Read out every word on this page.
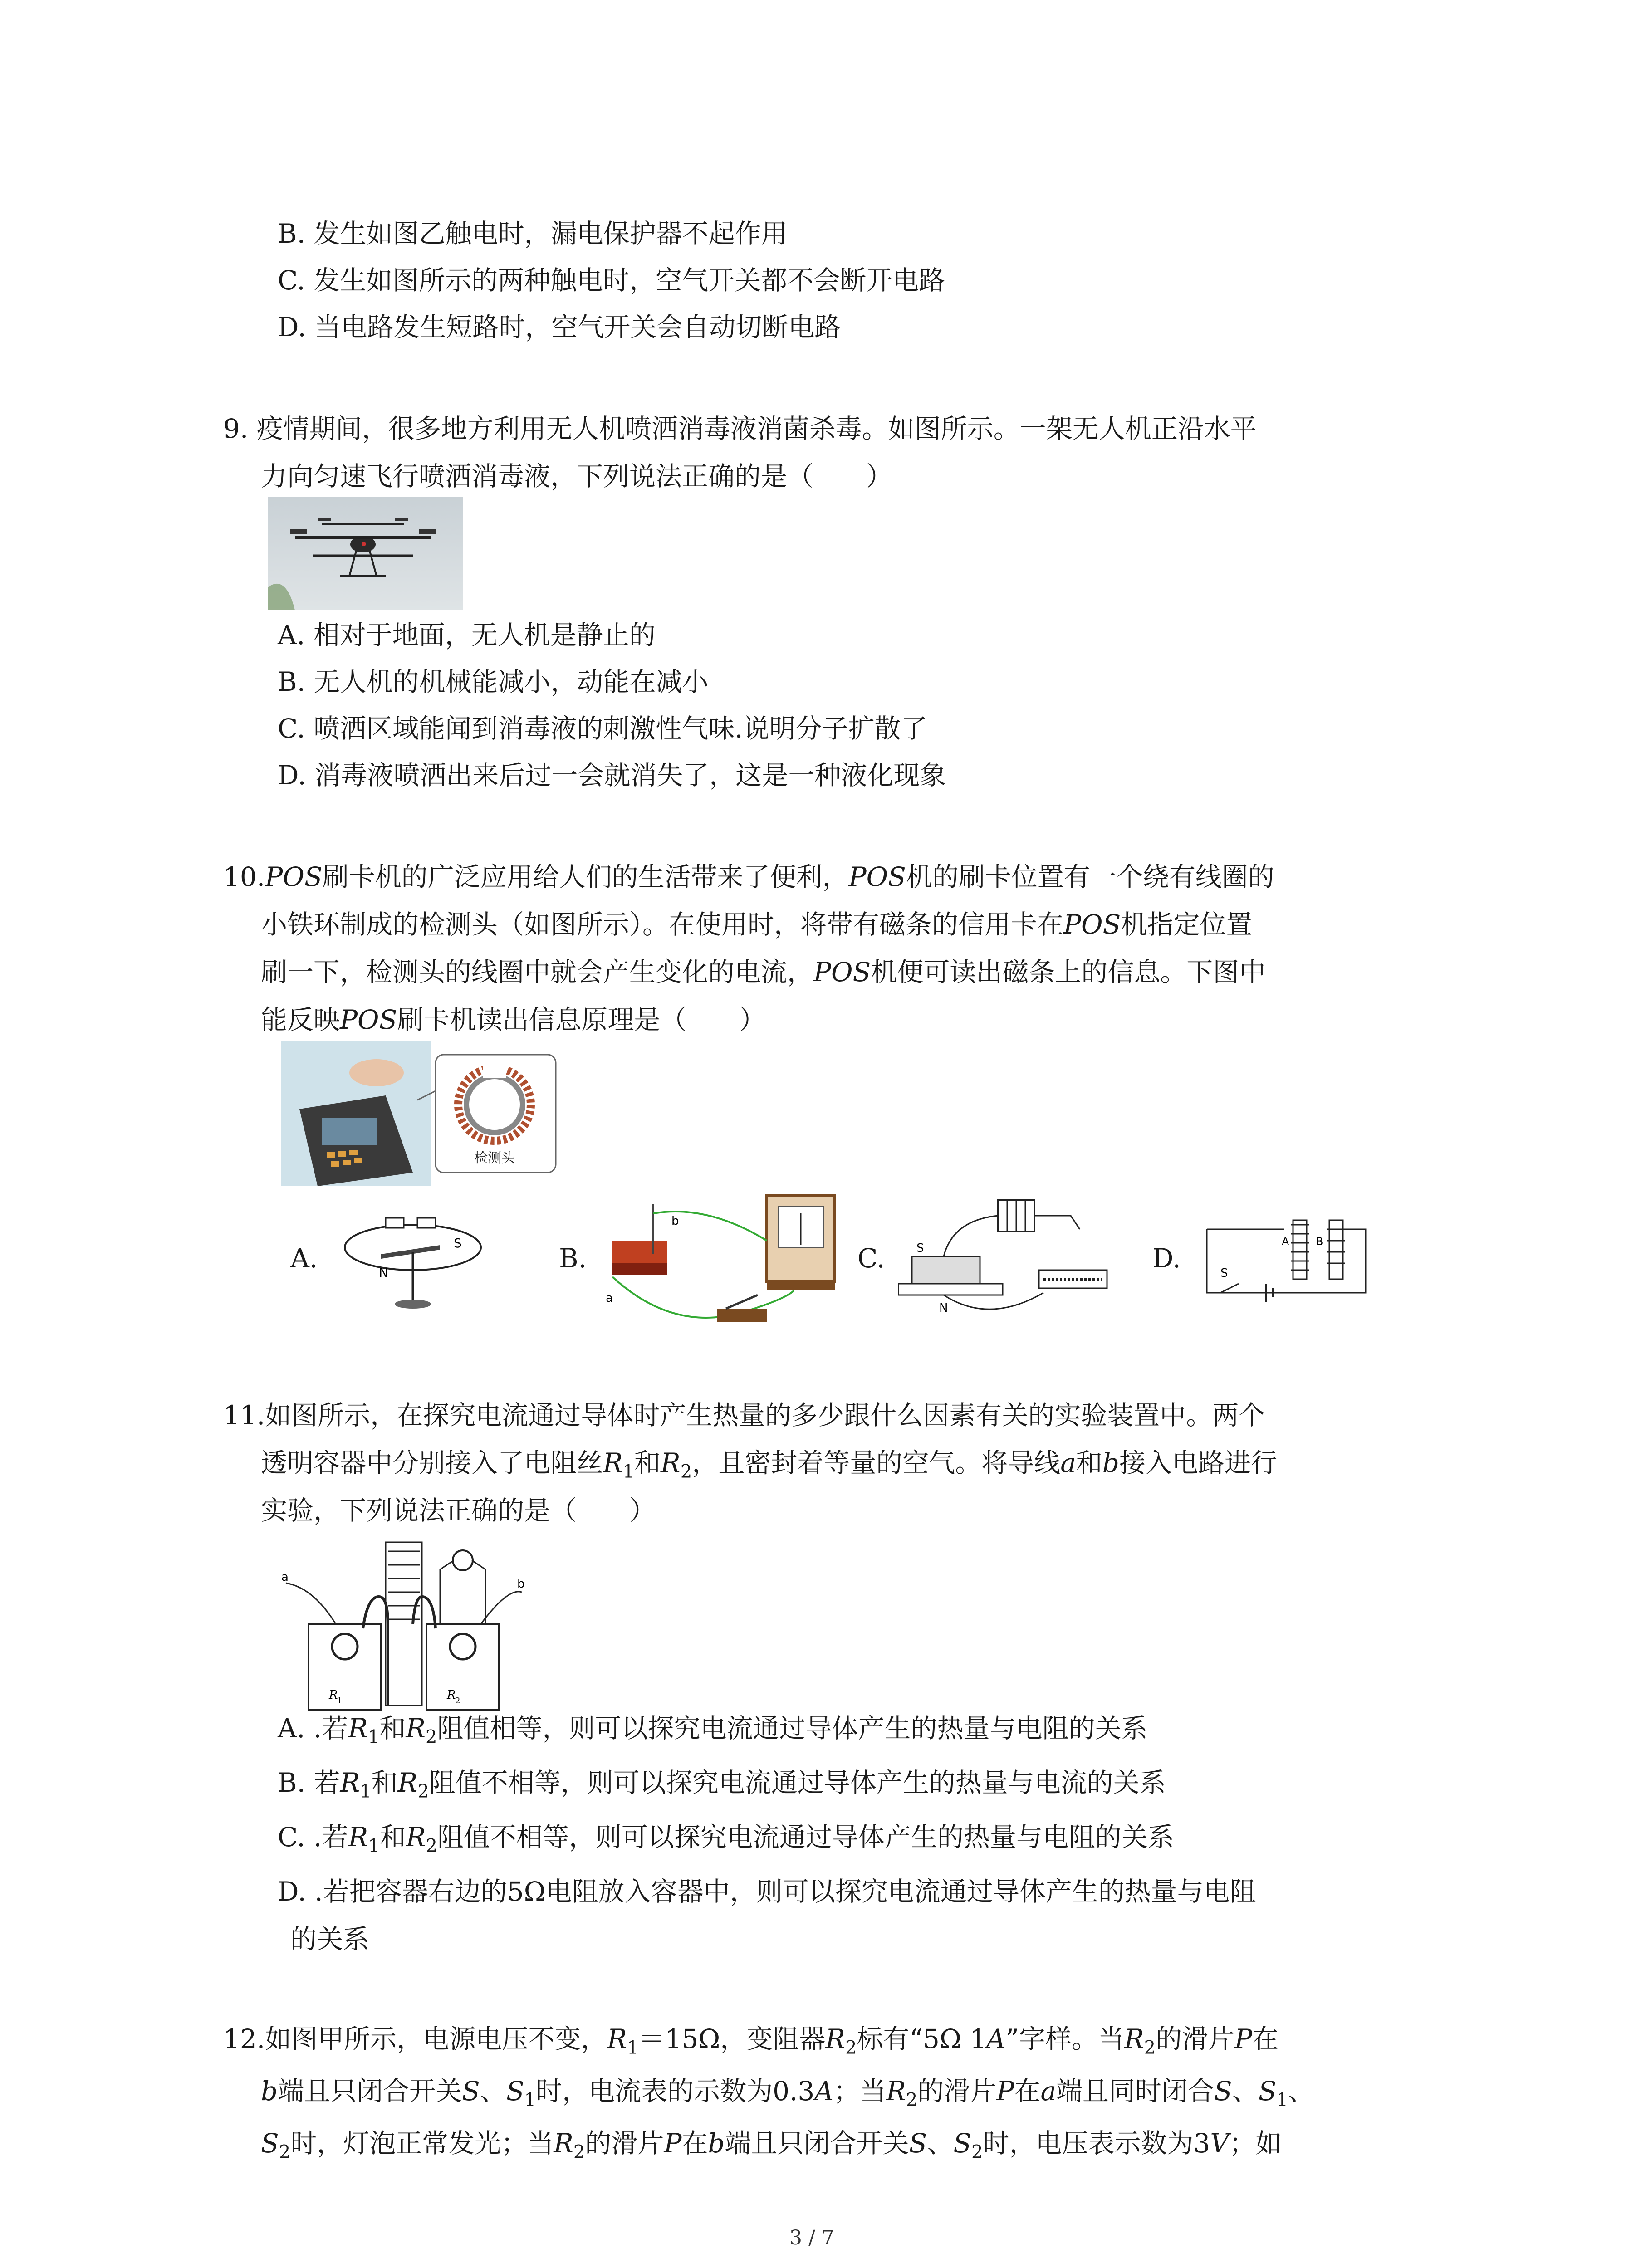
B. 发生如图乙触电时，漏电保护器不起作用
C. 发生如图所示的两种触电时，空气开关都不会断开电路
D. 当电路发生短路时，空气开关会自动切断电路
9. 疫情期间，很多地方利用无人机喷洒消毒液消菌杀毒。如图所示。一架无人机正沿水平
力向匀速飞行喷洒消毒液，下列说法正确的是（　　）
A. 相对于地面，无人机是静止的
B. 无人机的机械能减小，动能在减小
C. 喷洒区域能闻到消毒液的刺激性气味.说明分子扩散了
D. 消毒液喷洒出来后过一会就消失了，这是一种液化现象
10.POS刷卡机的广泛应用给人们的生活带来了便利，POS机的刷卡位置有一个绕有线圈的
小铁环制成的检测头（如图所示）。在使用时，将带有磁条的信用卡在POS机指定位置
刷一下，检测头的线圈中就会产生变化的电流，POS机便可读出磁条上的信息。下图中
能反映POS刷卡机读出信息原理是（　　）
检测头
A.	N
S	B.
a
b
C.	S
N
D.	S
A B
11.如图所示，在探究电流通过导体时产生热量的多少跟什么因素有关的实验装置中。两个
透明容器中分别接入了电阻丝$R_1$和$R_2$，且密封着等量的空气。将导线a和b接入电路进行
实验，下列说法正确的是（　　）
a	b
R
1	R
2
A. .若$R_1$和$R_2$阻值相等，则可以探究电流通过导体产生的热量与电阻的关系
B. 若$R_1$和$R_2$阻值不相等，则可以探究电流通过导体产生的热量与电流的关系
C. .若$R_1$和$R_2$阻值不相等，则可以探究电流通过导体产生的热量与电阻的关系
D. .若把容器右边的5Ω电阻放入容器中，则可以探究电流通过导体产生的热量与电阻
的关系
12.如图甲所示，电源电压不变，$R_1=15\Omega$，变阻器$R_2$标有“5Ω 1A”字样。当$R_2$的滑片P在
b端且只闭合开关S、$S_1$时，电流表的示数为0.3A；当$R_2$的滑片P在a端且同时闭合S、$S_1$、
$S_2$时，灯泡正常发光；当$R_2$的滑片P在b端且只闭合开关S、$S_2$时，电压表示数为3V；如
3 / 7
